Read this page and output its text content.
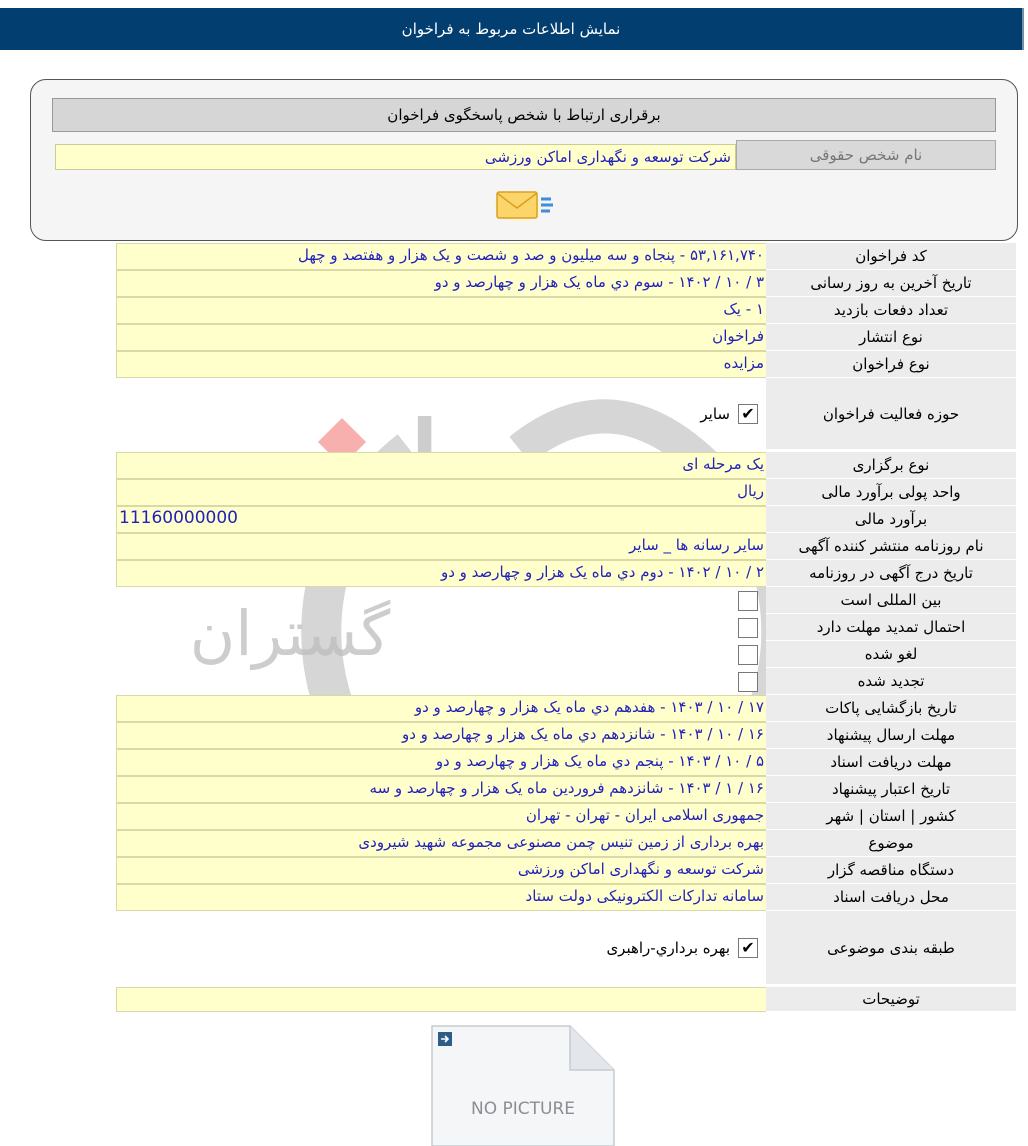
نمایش اطلاعات مربوط به فراخوان
برقراری ارتباط با شخص پاسخگوی فراخوان
نام شخص حقوقی
شرکت توسعه و نگهداری اماکن ورزشی
گستران
کد فراخوان
۵۳,۱۶۱,۷۴۰ - پنجاه و سه میلیون و صد و شصت و یک هزار و هفتصد و چهل
تاریخ آخرین به روز رسانی
۳ / ۱۰ / ۱۴۰۲ - سوم دي ماه یک هزار و چهارصد و دو
تعداد دفعات بازدید
۱ - یک
نوع انتشار
فراخوان
نوع فراخوان
مزایده
حوزه فعالیت فراخوان
✔
سایر
نوع برگزاری
یک مرحله ای
واحد پولی برآورد مالی
ریال
برآورد مالی
11160000000
نام روزنامه منتشر کننده آگهی
سایر رسانه ها _ سایر
تاریخ درج آگهی در روزنامه
۲ / ۱۰ / ۱۴۰۲ - دوم دي ماه یک هزار و چهارصد و دو
بین المللی است
احتمال تمدید مهلت دارد
لغو شده
تجدید شده
تاریخ بازگشایی پاکات
۱۷ / ۱۰ / ۱۴۰۳ - هفدهم دي ماه یک هزار و چهارصد و دو
مهلت ارسال پیشنهاد
۱۶ / ۱۰ / ۱۴۰۳ - شانزدهم دي ماه یک هزار و چهارصد و دو
مهلت دریافت اسناد
۵ / ۱۰ / ۱۴۰۳ - پنجم دي ماه یک هزار و چهارصد و دو
تاریخ اعتبار پیشنهاد
۱۶ / ۱ / ۱۴۰۳ - شانزدهم فروردین ماه یک هزار و چهارصد و سه
کشور | استان | شهر
جمهوری اسلامی ایران - تهران - تهران
موضوع
بهره برداری از زمین تنیس چمن مصنوعی مجموعه شهید شیرودی
دستگاه مناقصه گزار
شرکت توسعه و نگهداری اماکن ورزشی
محل دریافت اسناد
سامانه تدارکات الکترونیکی دولت ستاد
طبقه بندی موضوعی
✔
بهره برداري-راهبری
توضیحات
NO PICTURE
